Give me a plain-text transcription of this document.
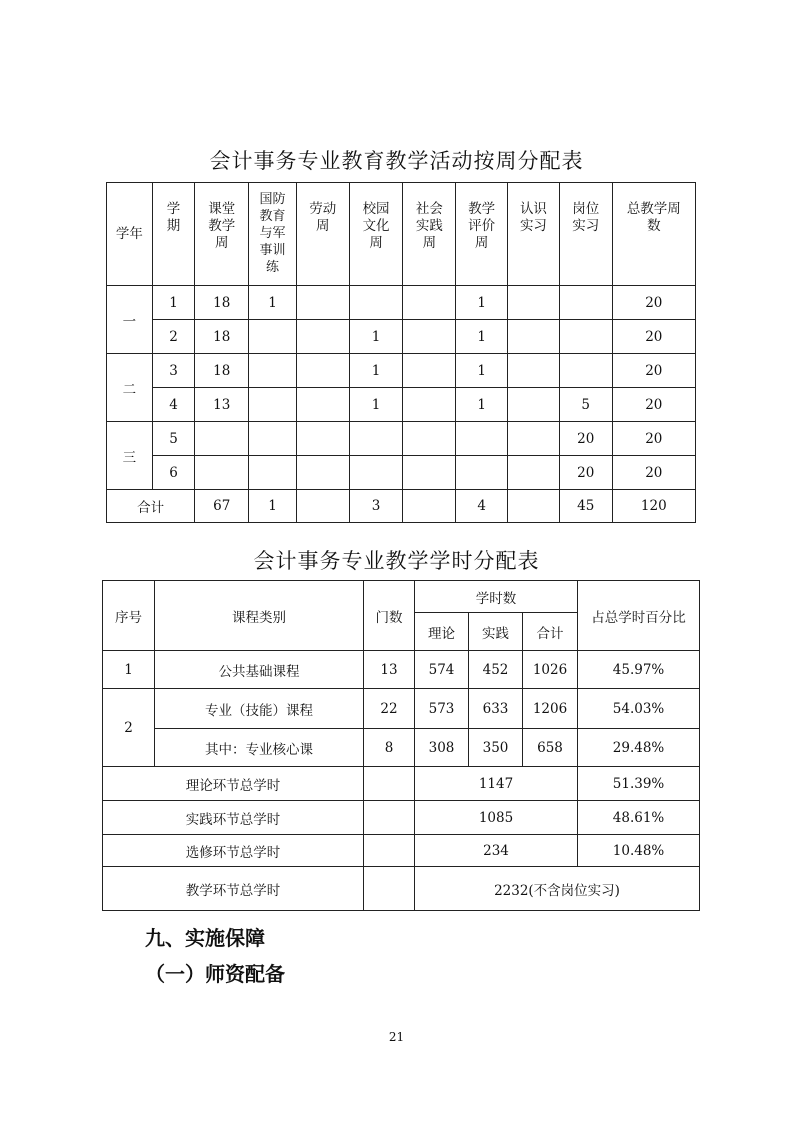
会计事务专业教育教学活动按周分配表
学年	学期	课堂教学周	国防教育与军事训练	劳动周	校园文化周	社会实践周	教学评价周	认识实习	岗位实习	总教学周数
一	1	18	1				1			20
	2	18			1		1			20
二	3	18			1		1			20
	4	13			1		1		5	20
三	5								20	20
	6								20	20
合计		67	1		3		4		45	120
会计事务专业教学学时分配表
序号	课程类别	门数	学时数			占总学时百分比
			理论	实践	合计	
1	公共基础课程	13	574	452	1026	45.97%
2	专业（技能）课程	22	573	633	1206	54.03%
	其中：专业核心课	8	308	350	658	29.48%
理论环节总学时			1147			51.39%
实践环节总学时			1085			48.61%
选修环节总学时			234			10.48%
教学环节总学时			2232(不含岗位实习)			
九、实施保障
（一）师资配备
21
